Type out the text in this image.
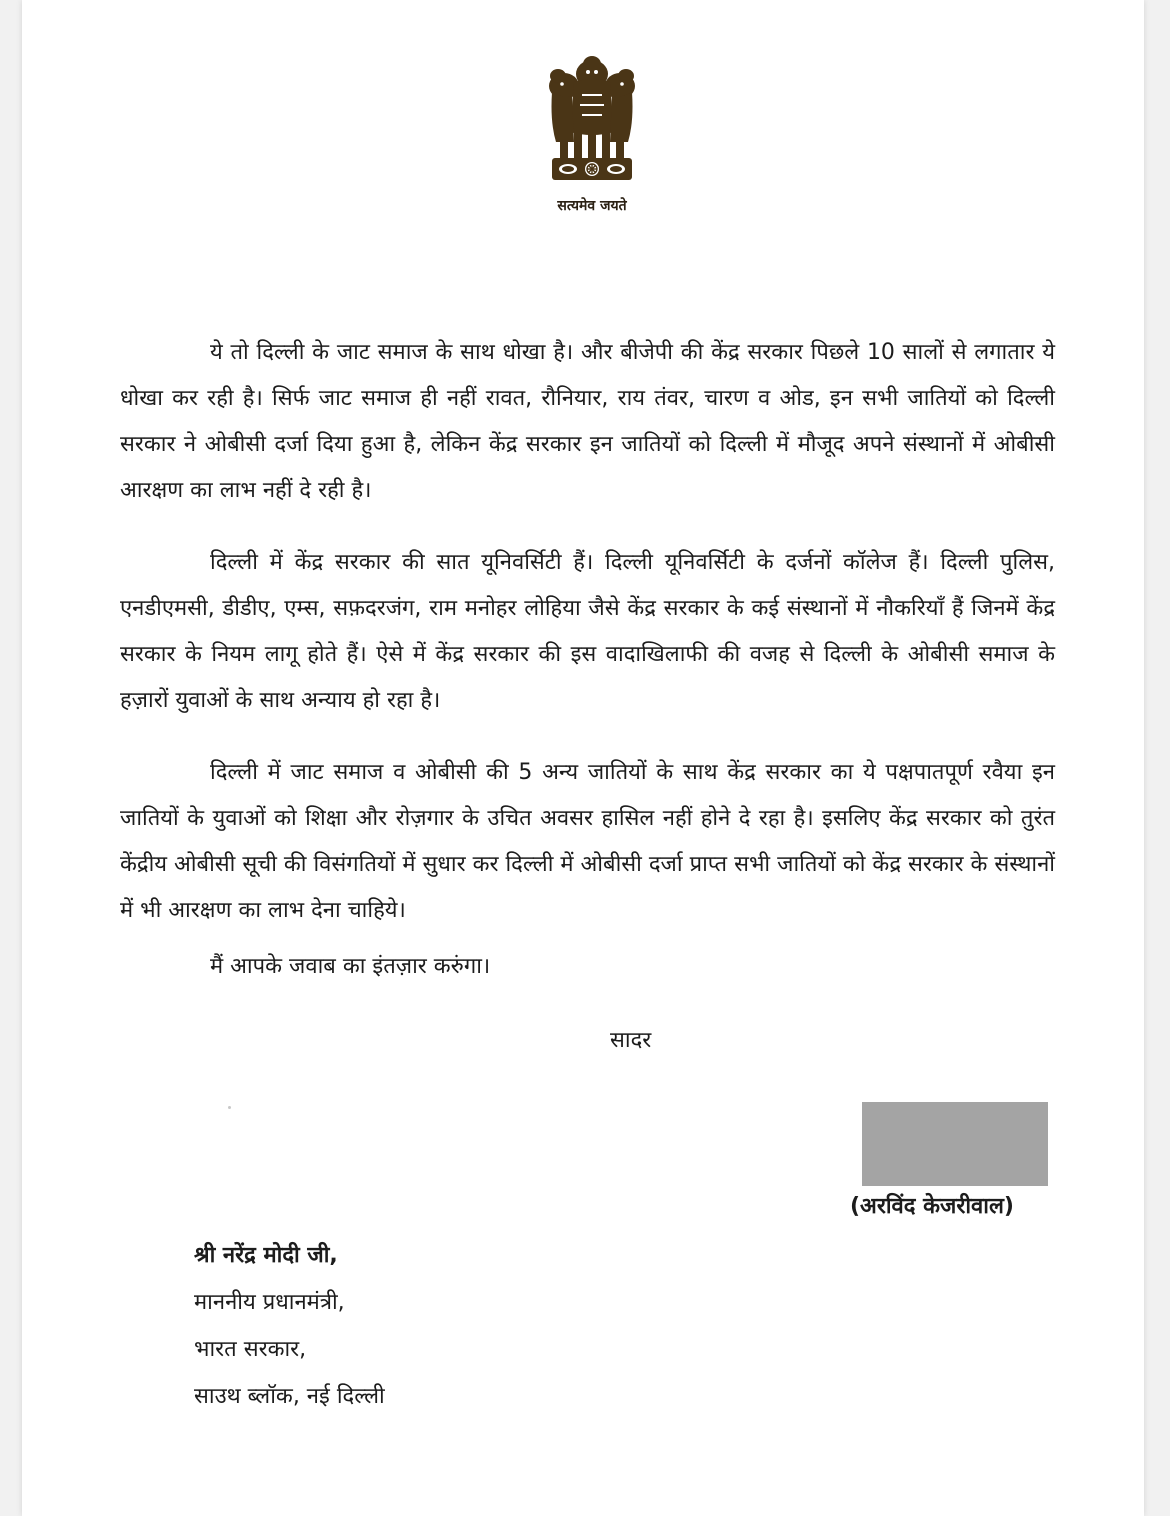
सत्यमेव जयते

ये तो दिल्ली के जाट समाज के साथ धोखा है। और बीजेपी की केंद्र सरकार पिछले 10 सालों से लगातार ये धोखा कर रही है। सिर्फ जाट समाज ही नहीं रावत, रौनियार, राय तंवर, चारण व ओड, इन सभी जातियों को दिल्ली सरकार ने ओबीसी दर्जा दिया हुआ है, लेकिन केंद्र सरकार इन जातियों को दिल्ली में मौजूद अपने संस्थानों में ओबीसी आरक्षण का लाभ नहीं दे रही है।

दिल्ली में केंद्र सरकार की सात यूनिवर्सिटी हैं। दिल्ली यूनिवर्सिटी के दर्जनों कॉलेज हैं। दिल्ली पुलिस, एनडीएमसी, डीडीए, एम्स, सफ़दरजंग, राम मनोहर लोहिया जैसे केंद्र सरकार के कई संस्थानों में नौकरियाँ हैं जिनमें केंद्र सरकार के नियम लागू होते हैं। ऐसे में केंद्र सरकार की इस वादाखिलाफी की वजह से दिल्ली के ओबीसी समाज के हज़ारों युवाओं के साथ अन्याय हो रहा है।

दिल्ली में जाट समाज व ओबीसी की 5 अन्य जातियों के साथ केंद्र सरकार का ये पक्षपातपूर्ण रवैया इन जातियों के युवाओं को शिक्षा और रोज़गार के उचित अवसर हासिल नहीं होने दे रहा है। इसलिए केंद्र सरकार को तुरंत केंद्रीय ओबीसी सूची की विसंगतियों में सुधार कर दिल्ली में ओबीसी दर्जा प्राप्त सभी जातियों को केंद्र सरकार के संस्थानों में भी आरक्षण का लाभ देना चाहिये।

मैं आपके जवाब का इंतज़ार करुंगा।
सादर
(अरविंद केजरीवाल)
श्री नरेंद्र मोदी जी,
माननीय प्रधानमंत्री,
भारत सरकार,
साउथ ब्लॉक, नई दिल्ली
